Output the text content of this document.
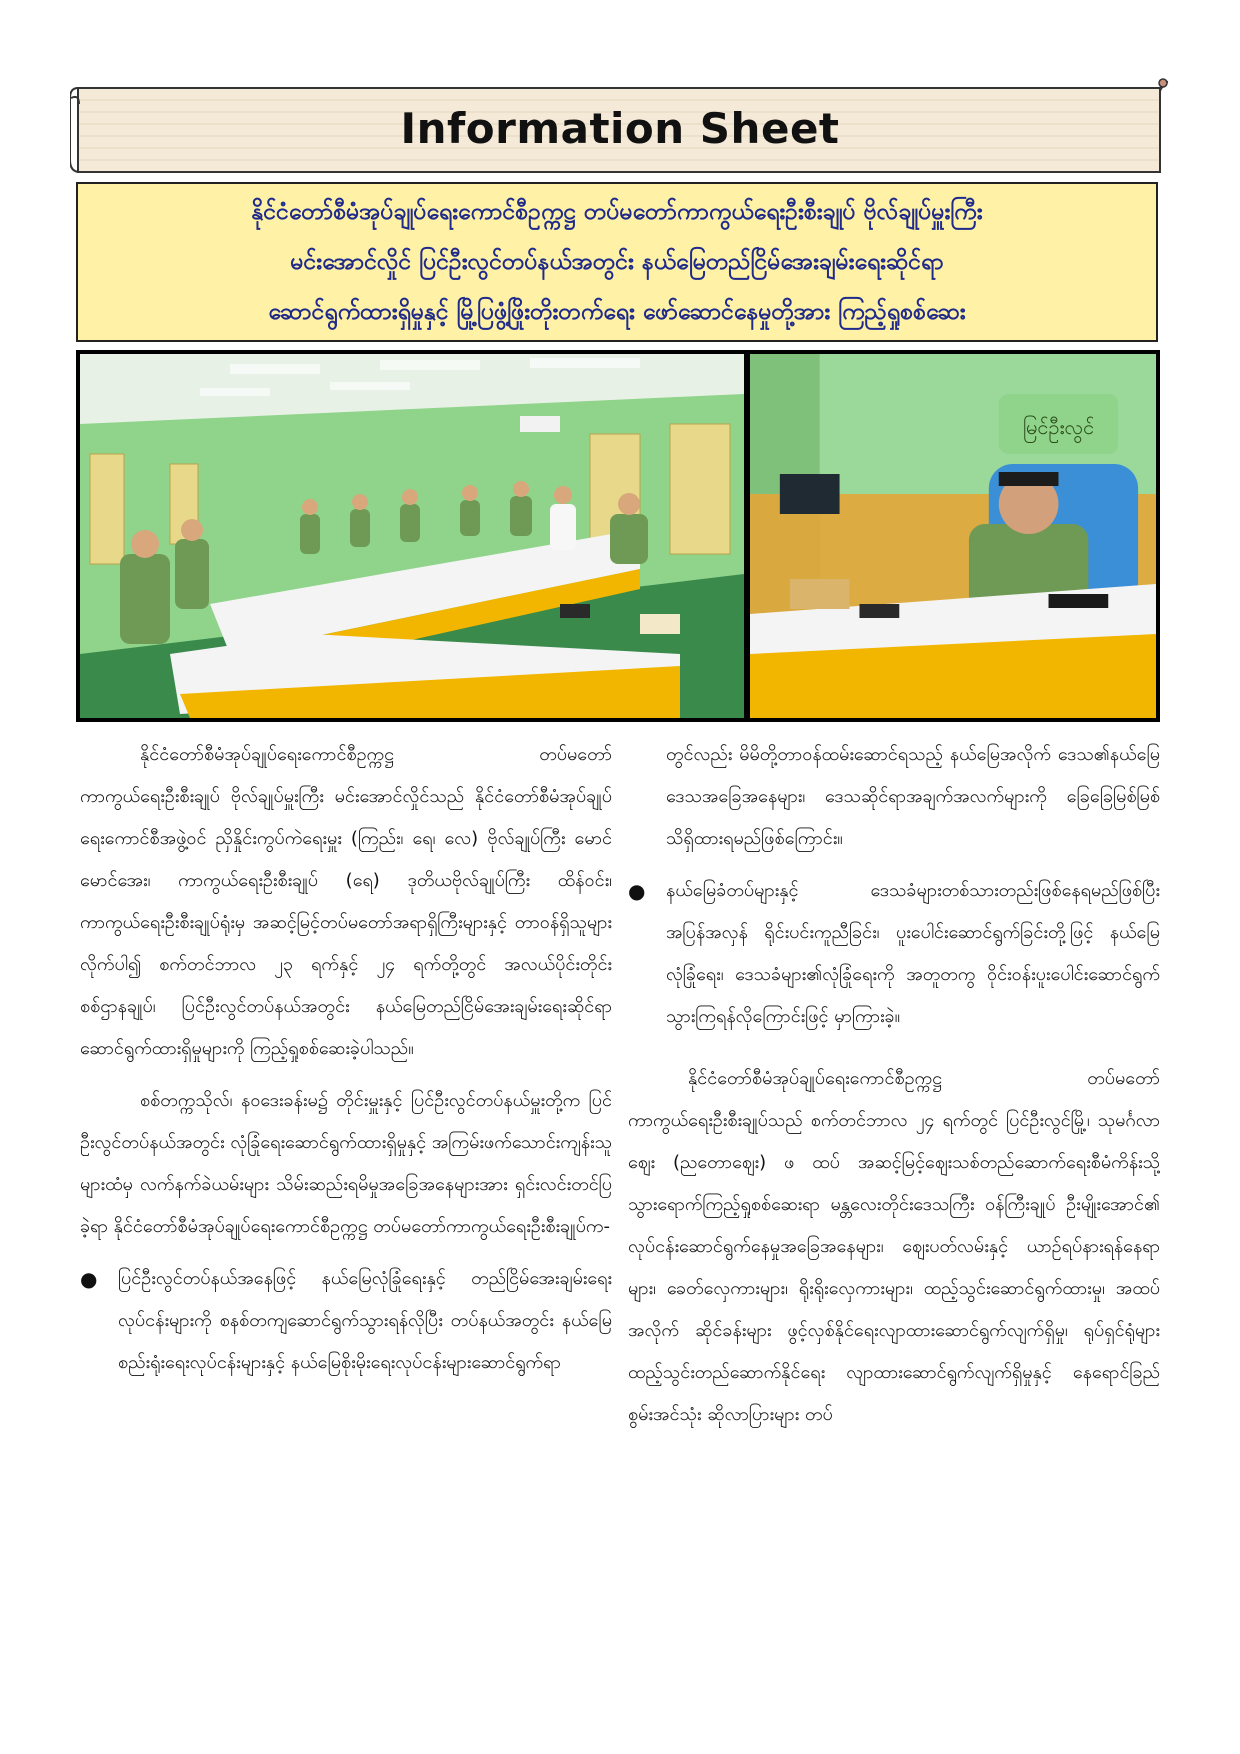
Information Sheet
နိုင်ငံတော်စီမံအုပ်ချုပ်ရေးကောင်စီဥက္ကဋ္ဌ တပ်မတော်ကာကွယ်ရေးဦးစီးချုပ် ဗိုလ်ချုပ်မှူးကြီး
မင်းအောင်လှိုင် ပြင်ဦးလွင်တပ်နယ်အတွင်း နယ်မြေတည်ငြိမ်အေးချမ်းရေးဆိုင်ရာ
ဆောင်ရွက်ထားရှိမှုနှင့် မြို့ပြဖွံ့ဖြိုးတိုးတက်ရေး ဖော်ဆောင်နေမှုတို့အား ကြည့်ရှုစစ်ဆေး
မြင်ဦးလွင်

နိုင်ငံတော်စီမံအုပ်ချုပ်ရေးကောင်စီဥက္ကဋ္ဌ တပ်မတော်ကာကွယ်ရေးဦးစီးချုပ် ဗိုလ်ချုပ်မှူးကြီး မင်းအောင်လှိုင်သည် နိုင်ငံတော်စီမံအုပ်ချုပ်ရေးကောင်စီအဖွဲ့ဝင် ညှိနှိုင်းကွပ်ကဲရေးမှူး (ကြည်း၊ ရေ၊ လေ) ဗိုလ်ချုပ်ကြီး မောင်မောင်အေး၊ ကာကွယ်ရေးဦးစီးချုပ် (ရေ) ဒုတိယဗိုလ်ချုပ်ကြီး ထိန်ဝင်း၊ ကာကွယ်ရေးဦးစီးချုပ်ရုံးမှ အဆင့်မြင့်တပ်မတော်အရာရှိကြီးများနှင့် တာဝန်ရှိသူများလိုက်ပါ၍ စက်တင်ဘာလ ၂၃ ရက်နှင့် ၂၄ ရက်တို့တွင် အလယ်ပိုင်းတိုင်းစစ်ဌာနချုပ်၊ ပြင်ဦးလွင်တပ်နယ်အတွင်း နယ်မြေတည်ငြိမ်အေးချမ်းရေးဆိုင်ရာ ဆောင်ရွက်ထားရှိမှုများကို ကြည့်ရှုစစ်ဆေးခဲ့ပါသည်။

စစ်တက္ကသိုလ်၊ နဝဒေးခန်းမ၌ တိုင်းမှူးနှင့် ပြင်ဦးလွင်တပ်နယ်မှူးတို့က ပြင်ဦးလွင်တပ်နယ်အတွင်း လုံခြုံရေးဆောင်ရွက်ထားရှိမှုနှင့် အကြမ်းဖက်သောင်းကျန်းသူများထံမှ လက်နက်ခဲယမ်းများ သိမ်းဆည်းရမိမှုအခြေအနေများအား ရှင်းလင်းတင်ပြခဲ့ရာ နိုင်ငံတော်စီမံအုပ်ချုပ်ရေးကောင်စီဥက္ကဋ္ဌ တပ်မတော်ကာကွယ်ရေးဦးစီးချုပ်က-

●	ပြင်ဦးလွင်တပ်နယ်အနေဖြင့် နယ်မြေလုံခြုံရေးနှင့် တည်ငြိမ်အေးချမ်းရေးလုပ်ငန်းများကို စနစ်တကျဆောင်ရွက်သွားရန်လိုပြီး တပ်နယ်အတွင်း နယ်မြေစည်းရုံးရေးလုပ်ငန်းများနှင့် နယ်မြေစိုးမိုးရေးလုပ်ငန်းများဆောင်ရွက်ရာ

တွင်လည်း မိမိတို့တာဝန်ထမ်းဆောင်ရသည့် နယ်မြေအလိုက် ဒေသ၏နယ်မြေဒေသအခြေအနေများ၊ ဒေသဆိုင်ရာအချက်အလက်များကို ခြေခြေမြစ်မြစ် သိရှိထားရမည်ဖြစ်ကြောင်း။

●	နယ်မြေခံတပ်များနှင့် ဒေသခံများတစ်သားတည်းဖြစ်နေရမည်ဖြစ်ပြီး အပြန်အလှန် ရိုင်းပင်းကူညီခြင်း၊ ပူးပေါင်းဆောင်ရွက်ခြင်းတို့ဖြင့် နယ်မြေလုံခြုံရေး၊ ဒေသခံများ၏လုံခြုံရေးကို အတူတကွ ဝိုင်းဝန်းပူးပေါင်းဆောင်ရွက်သွားကြရန်လိုကြောင်းဖြင့် မှာကြားခဲ့။

နိုင်ငံတော်စီမံအုပ်ချုပ်ရေးကောင်စီဥက္ကဋ္ဌ တပ်မတော်ကာကွယ်ရေးဦးစီးချုပ်သည် စက်တင်ဘာလ ၂၄ ရက်တွင် ပြင်ဦးလွင်မြို့၊ သုမင်္ဂလာဈေး (ညတောဈေး) ဖ ထပ် အဆင့်မြင့်ဈေးသစ်တည်ဆောက်ရေးစီမံကိန်းသို့ သွားရောက်ကြည့်ရှုစစ်ဆေးရာ မန္တလေးတိုင်းဒေသကြီး ဝန်ကြီးချုပ် ဦးမျိုးအောင်၏ လုပ်ငန်းဆောင်ရွက်နေမှုအခြေအနေများ၊ ဈေးပတ်လမ်းနှင့် ယာဉ်ရပ်နားရန်နေရာများ၊ ခေတ်လှေကားများ၊ ရိုးရိုးလှေကားများ၊ ထည့်သွင်းဆောင်ရွက်ထားမှု၊ အထပ်အလိုက် ဆိုင်ခန်းများ ဖွင့်လှစ်နိုင်ရေးလျာထားဆောင်ရွက်လျက်ရှိမှု၊ ရုပ်ရှင်ရုံများ ထည့်သွင်းတည်ဆောက်နိုင်ရေး လျာထားဆောင်ရွက်လျက်ရှိမှုနှင့် နေရောင်ခြည်စွမ်းအင်သုံး ဆိုလာပြားများ တပ်
